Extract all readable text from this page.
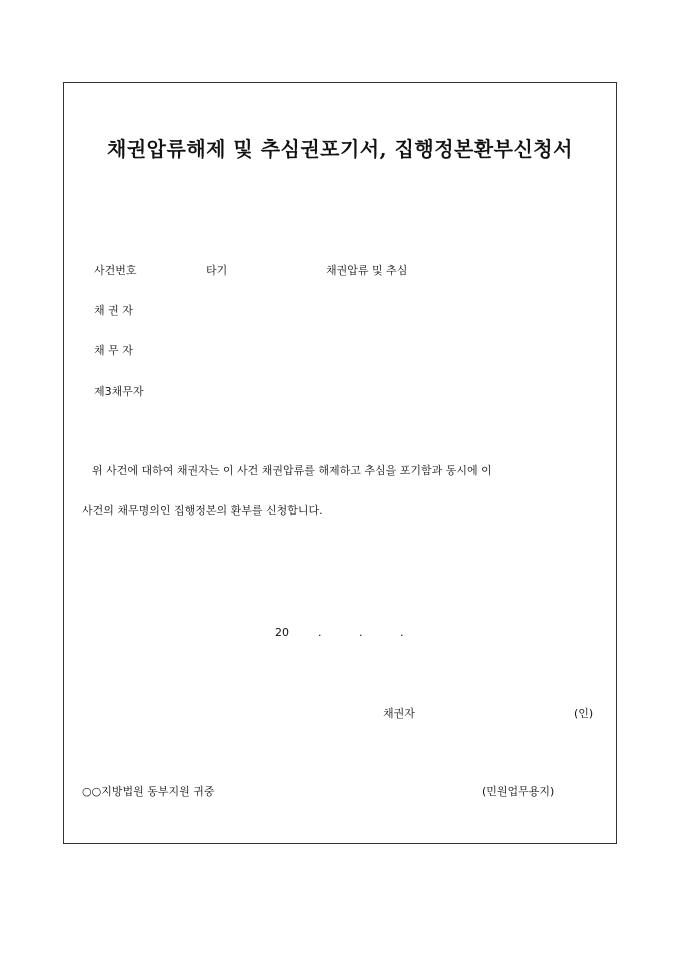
채권압류해제 및 추심권포기서, 집행정본환부신청서
사건번호	타기	채권압류 및 추심
채 권 자
채 무 자
제3채무자
위 사건에 대하여 채권자는 이 사건 채권압류를 해제하고 추심을 포기함과 동시에 이
사건의 채무명의인 집행정본의 환부를 신청합니다.
20	.	.	.
채권자	(인)
○○지방법원 동부지원 귀중	(민원업무용지)
